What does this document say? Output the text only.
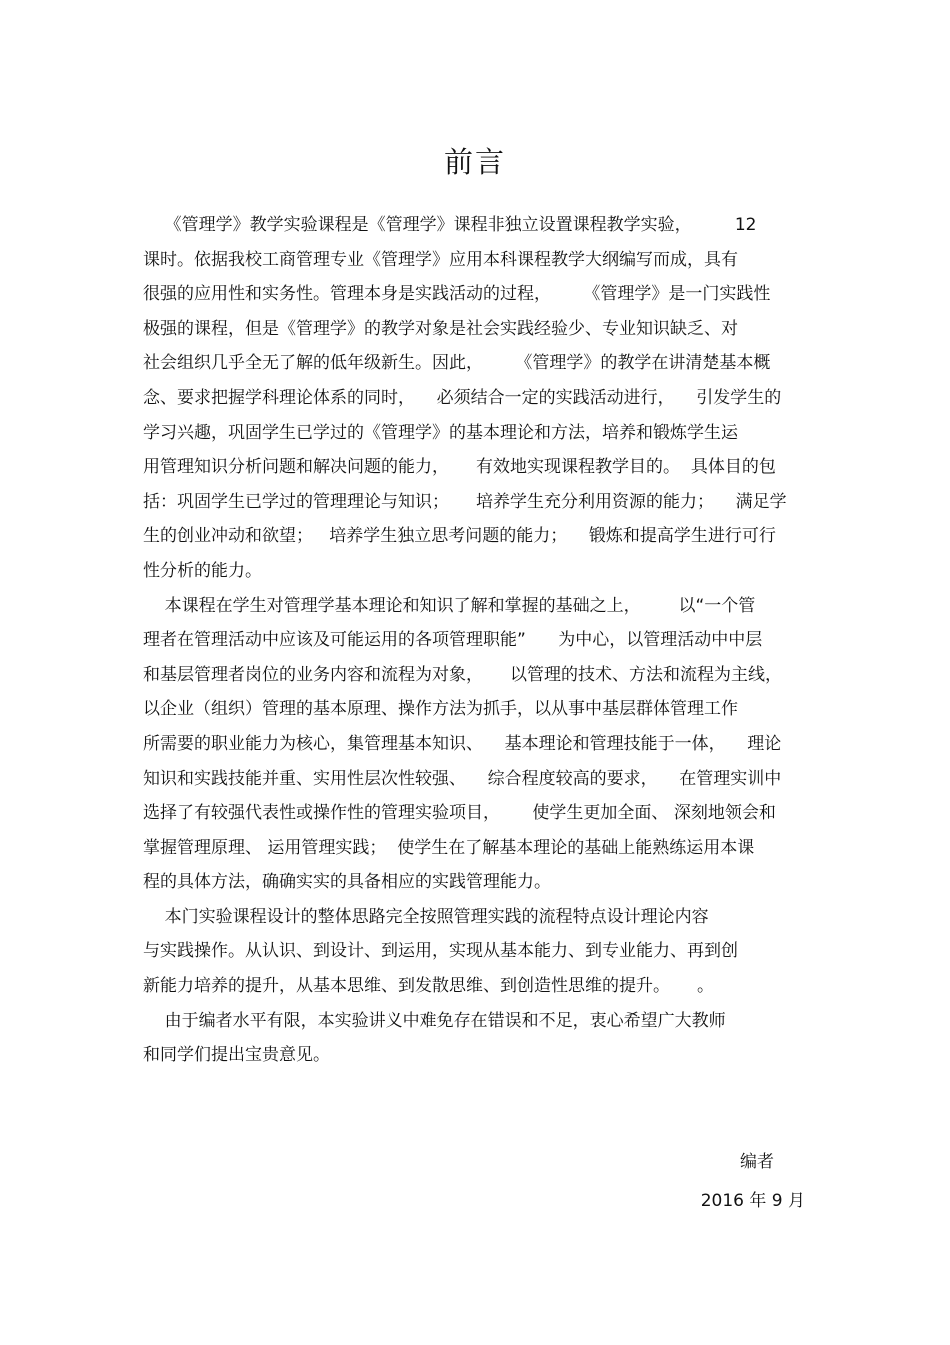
前言
《管理学》教学实验课程是《管理学》课程非独立设置课程教学实验，        12
课时。依据我校工商管理专业《管理学》应用本科课程教学大纲编写而成，具有
很强的应用性和实务性。管理本身是实践活动的过程，      《管理学》是一门实践性
极强的课程，但是《管理学》的教学对象是社会实践经验少、专业知识缺乏、对
社会组织几乎全无了解的低年级新生。因此，      《管理学》的教学在讲清楚基本概
念、要求把握学科理论体系的同时，    必须结合一定的实践活动进行，    引发学生的
学习兴趣，巩固学生已学过的《管理学》的基本理论和方法，培养和锻炼学生运
用管理知识分析问题和解决问题的能力，     有效地实现课程教学目的。  具体目的包
括：巩固学生已学过的管理理论与知识；     培养学生充分利用资源的能力；    满足学
生的创业冲动和欲望；   培养学生独立思考问题的能力；    锻炼和提高学生进行可行
性分析的能力。
本课程在学生对管理学基本理论和知识了解和掌握的基础之上，       以“一个管
理者在管理活动中应该及可能运用的各项管理职能”      为中心，以管理活动中中层
和基层管理者岗位的业务内容和流程为对象，     以管理的技术、方法和流程为主线，
以企业（组织）管理的基本原理、操作方法为抓手，以从事中基层群体管理工作
所需要的职业能力为核心，集管理基本知识、    基本理论和管理技能于一体，    理论
知识和实践技能并重、实用性层次性较强、    综合程度较高的要求，    在管理实训中
选择了有较强代表性或操作性的管理实验项目，      使学生更加全面、 深刻地领会和
掌握管理原理、 运用管理实践；  使学生在了解基本理论的基础上能熟练运用本课
程的具体方法，确确实实的具备相应的实践管理能力。
本门实验课程设计的整体思路完全按照管理实践的流程特点设计理论内容
与实践操作。从认识、到设计、到运用，实现从基本能力、到专业能力、再到创
新能力培养的提升，从基本思维、到发散思维、到创造性思维的提升。     。
由于编者水平有限，本实验讲义中难免存在错误和不足，衷心希望广大教师
和同学们提出宝贵意见。
编者
2016 年 9 月
